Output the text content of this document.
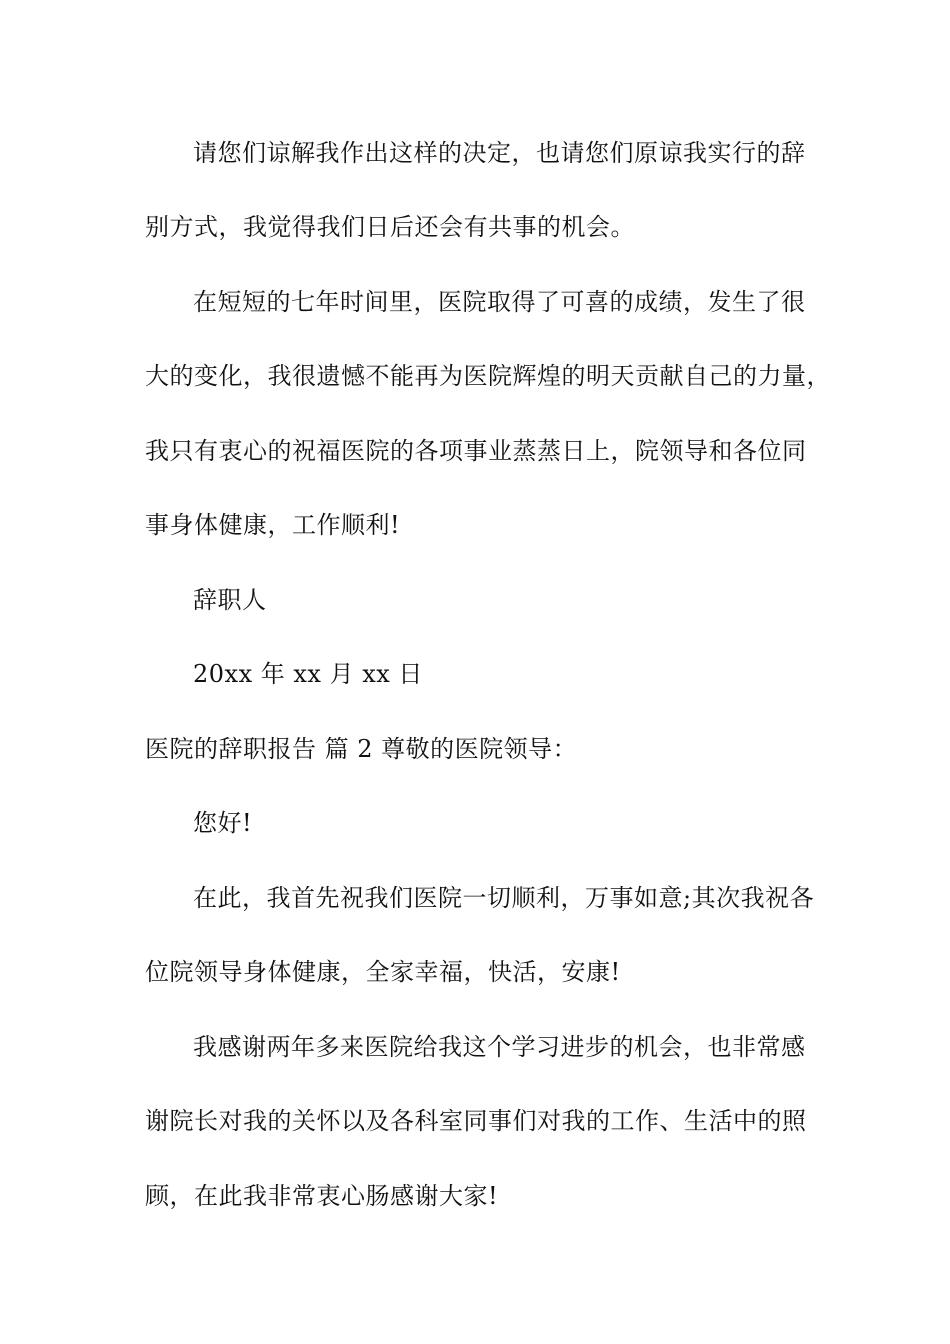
请您们谅解我作出这样的决定，也请您们原谅我实行的辞
别方式，我觉得我们日后还会有共事的机会。
在短短的七年时间里，医院取得了可喜的成绩，发生了很
大的变化，我很遗憾不能再为医院辉煌的明天贡献自己的力量，
我只有衷心的祝福医院的各项事业蒸蒸日上，院领导和各位同
事身体健康，工作顺利!
辞职人
20xx 年 xx 月 xx 日
医院的辞职报告 篇 2 尊敬的医院领导：
您好!
在此，我首先祝我们医院一切顺利，万事如意;其次我祝各
位院领导身体健康，全家幸福，快活，安康!
我感谢两年多来医院给我这个学习进步的机会，也非常感
谢院长对我的关怀以及各科室同事们对我的工作、生活中的照
顾，在此我非常衷心肠感谢大家!
